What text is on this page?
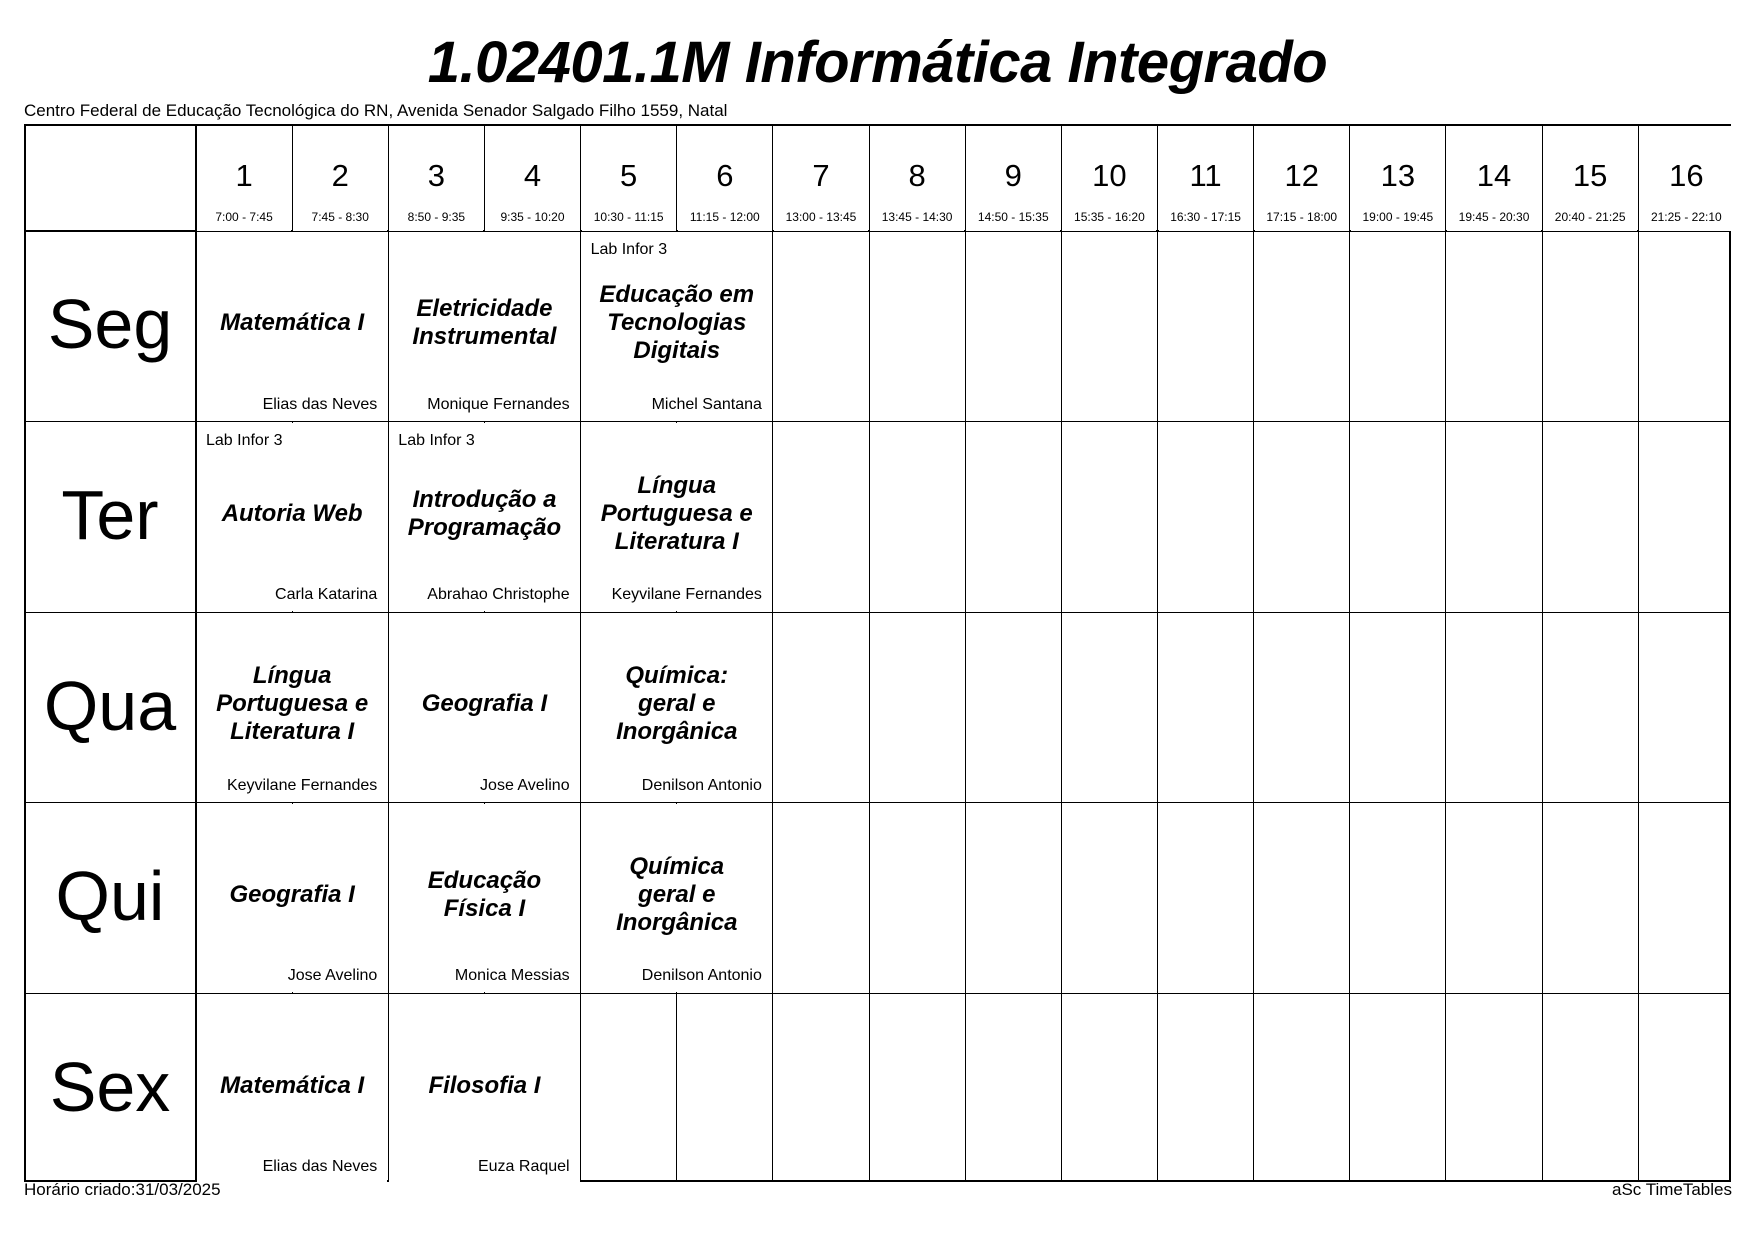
1.02401.1M Informática Integrado
Centro Federal de Educação Tecnológica do RN, Avenida Senador Salgado Filho 1559, Natal
1
7:00 - 7:45
2
7:45 - 8:30
3
8:50 - 9:35
4
9:35 - 10:20
5
10:30 - 11:15
6
11:15 - 12:00
7
13:00 - 13:45
8
13:45 - 14:30
9
14:50 - 15:35
10
15:35 - 16:20
11
16:30 - 17:15
12
17:15 - 18:00
13
19:00 - 19:45
14
19:45 - 20:30
15
20:40 - 21:25
16
21:25 - 22:10
Seg
Ter
Qua
Qui
Sex
Matemática I
Elias das Neves
Eletricidade
Instrumental
Monique Fernandes
Lab Infor 3
Educação em
Tecnologias
Digitais
Michel Santana
Lab Infor 3
Autoria Web
Carla Katarina
Lab Infor 3
Introdução a
Programação
Abrahao Christophe
Língua
Portuguesa e
Literatura I
Keyvilane Fernandes
Língua
Portuguesa e
Literatura I
Keyvilane Fernandes
Geografia I
Jose Avelino
Química:
geral e
Inorgânica
Denilson Antonio
Geografia I
Jose Avelino
Educação
Física I
Monica Messias
Química
geral e
Inorgânica
Denilson Antonio
Matemática I
Elias das Neves
Filosofia I
Euza Raquel
Horário criado:31/03/2025	aSc TimeTables
